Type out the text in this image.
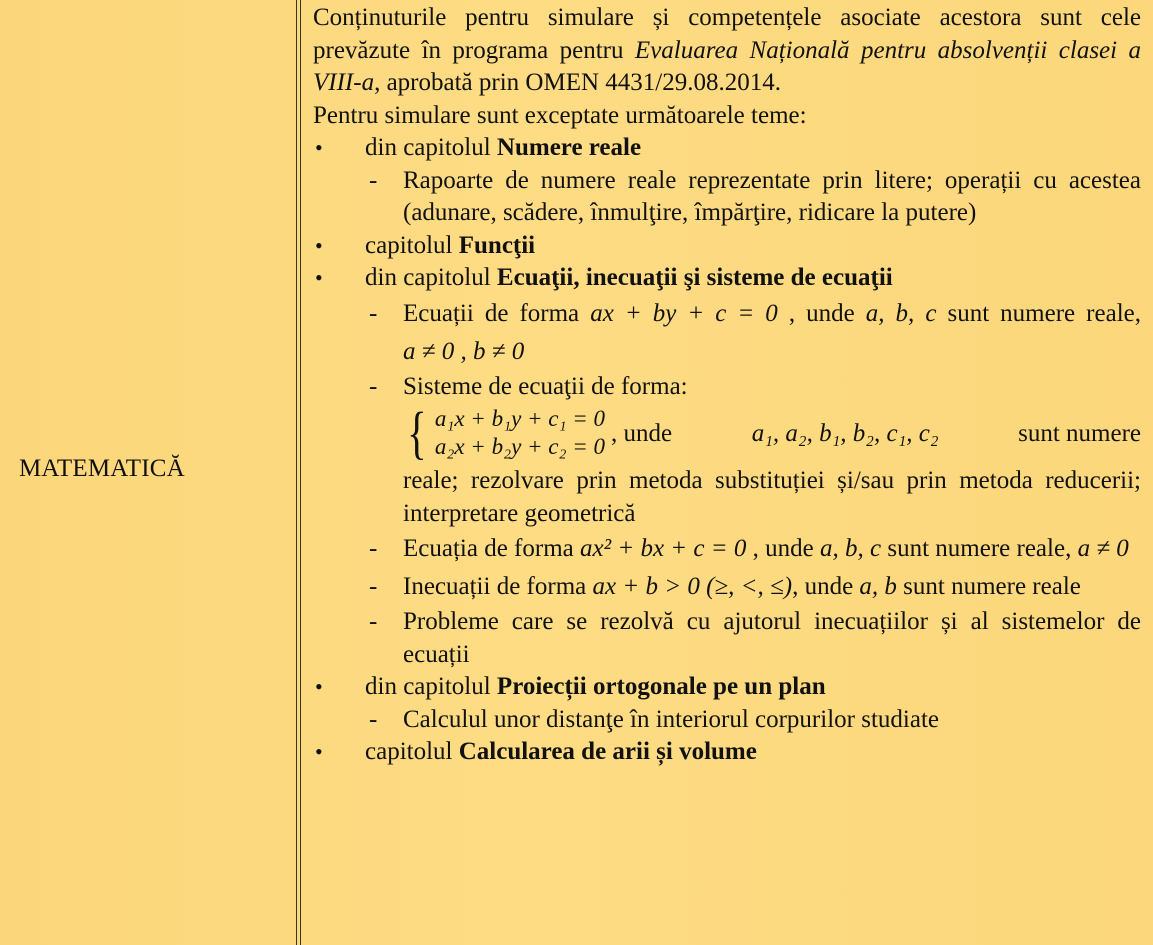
MATEMATICĂ

Conținuturile pentru simulare și competențele asociate acestora sunt cele prevăzute în programa pentru Evaluarea Națională pentru absolvenții clasei a VIII-a, aprobată prin OMEN 4431/29.08.2014.

Pentru simulare sunt exceptate următoarele teme:

• din capitolul Numere reale
- Rapoarte de numere reale reprezentate prin litere; operații cu acestea (adunare, scădere, înmulţire, împărţire, ridicare la putere)
• capitolul Funcţii
• din capitolul Ecuaţii, inecuaţii şi sisteme de ecuaţii
- Ecuații de forma ax + by + c = 0 , unde a, b, c sunt numere reale, a ≠ 0 , b ≠ 0
- Sisteme de ecuaţii de forma:
{ a₁x + b₁y + c₁ = 0
a₂x + b₂y + c₂ = 0 , unde	a₁, a₂, b₁, b₂, c₁, c₂	sunt numere
reale; rezolvare prin metoda substituției și/sau prin metoda reducerii; interpretare geometrică
- Ecuația de forma ax² + bx + c = 0 , unde a, b, c sunt numere reale, a ≠ 0
- Inecuații de forma ax + b > 0 (≥, <, ≤), unde a, b sunt numere reale
- Probleme care se rezolvă cu ajutorul inecuațiilor și al sistemelor de ecuații
• din capitolul Proiecții ortogonale pe un plan
- Calculul unor distanţe în interiorul corpurilor studiate
• capitolul Calcularea de arii și volume
